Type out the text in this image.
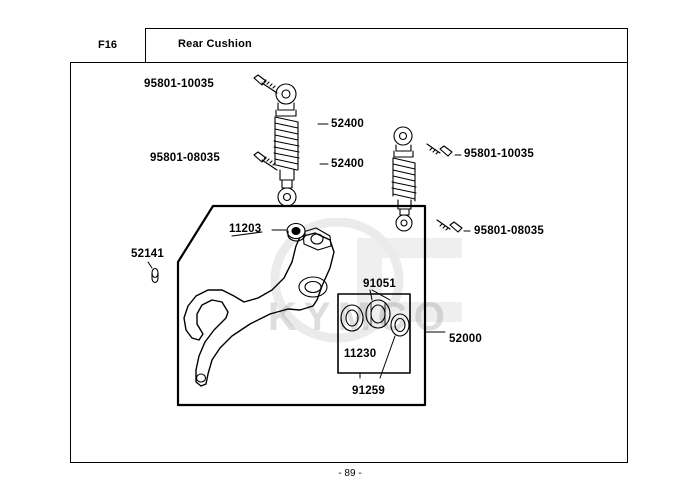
F16	Rear Cushion
KYMCO
95801-10035
52400
95801-08035	52400
95801-10035
95801-08035
11203
52141
91051
52000
11230
91259
- 89 -
